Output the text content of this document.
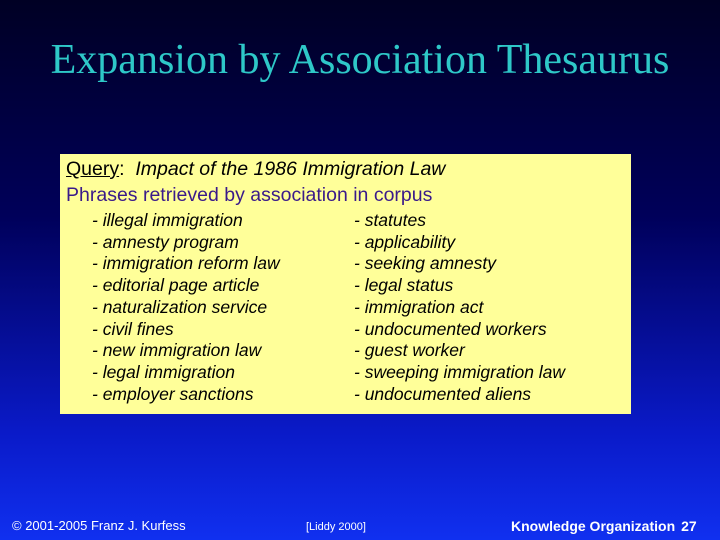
Expansion by Association Thesaurus
Query: Impact of the 1986 Immigration Law
Phrases retrieved by association in corpus
- illegal immigration
- amnesty program
- immigration reform law
- editorial page article
- naturalization service
- civil fines
- new immigration law
- legal immigration
- employer sanctions
- statutes
- applicability
- seeking amnesty
- legal status
- immigration act
- undocumented workers
- guest worker
- sweeping immigration law
- undocumented aliens
© 2001-2005 Franz J. Kurfess	[Liddy 2000]	Knowledge Organization 27
